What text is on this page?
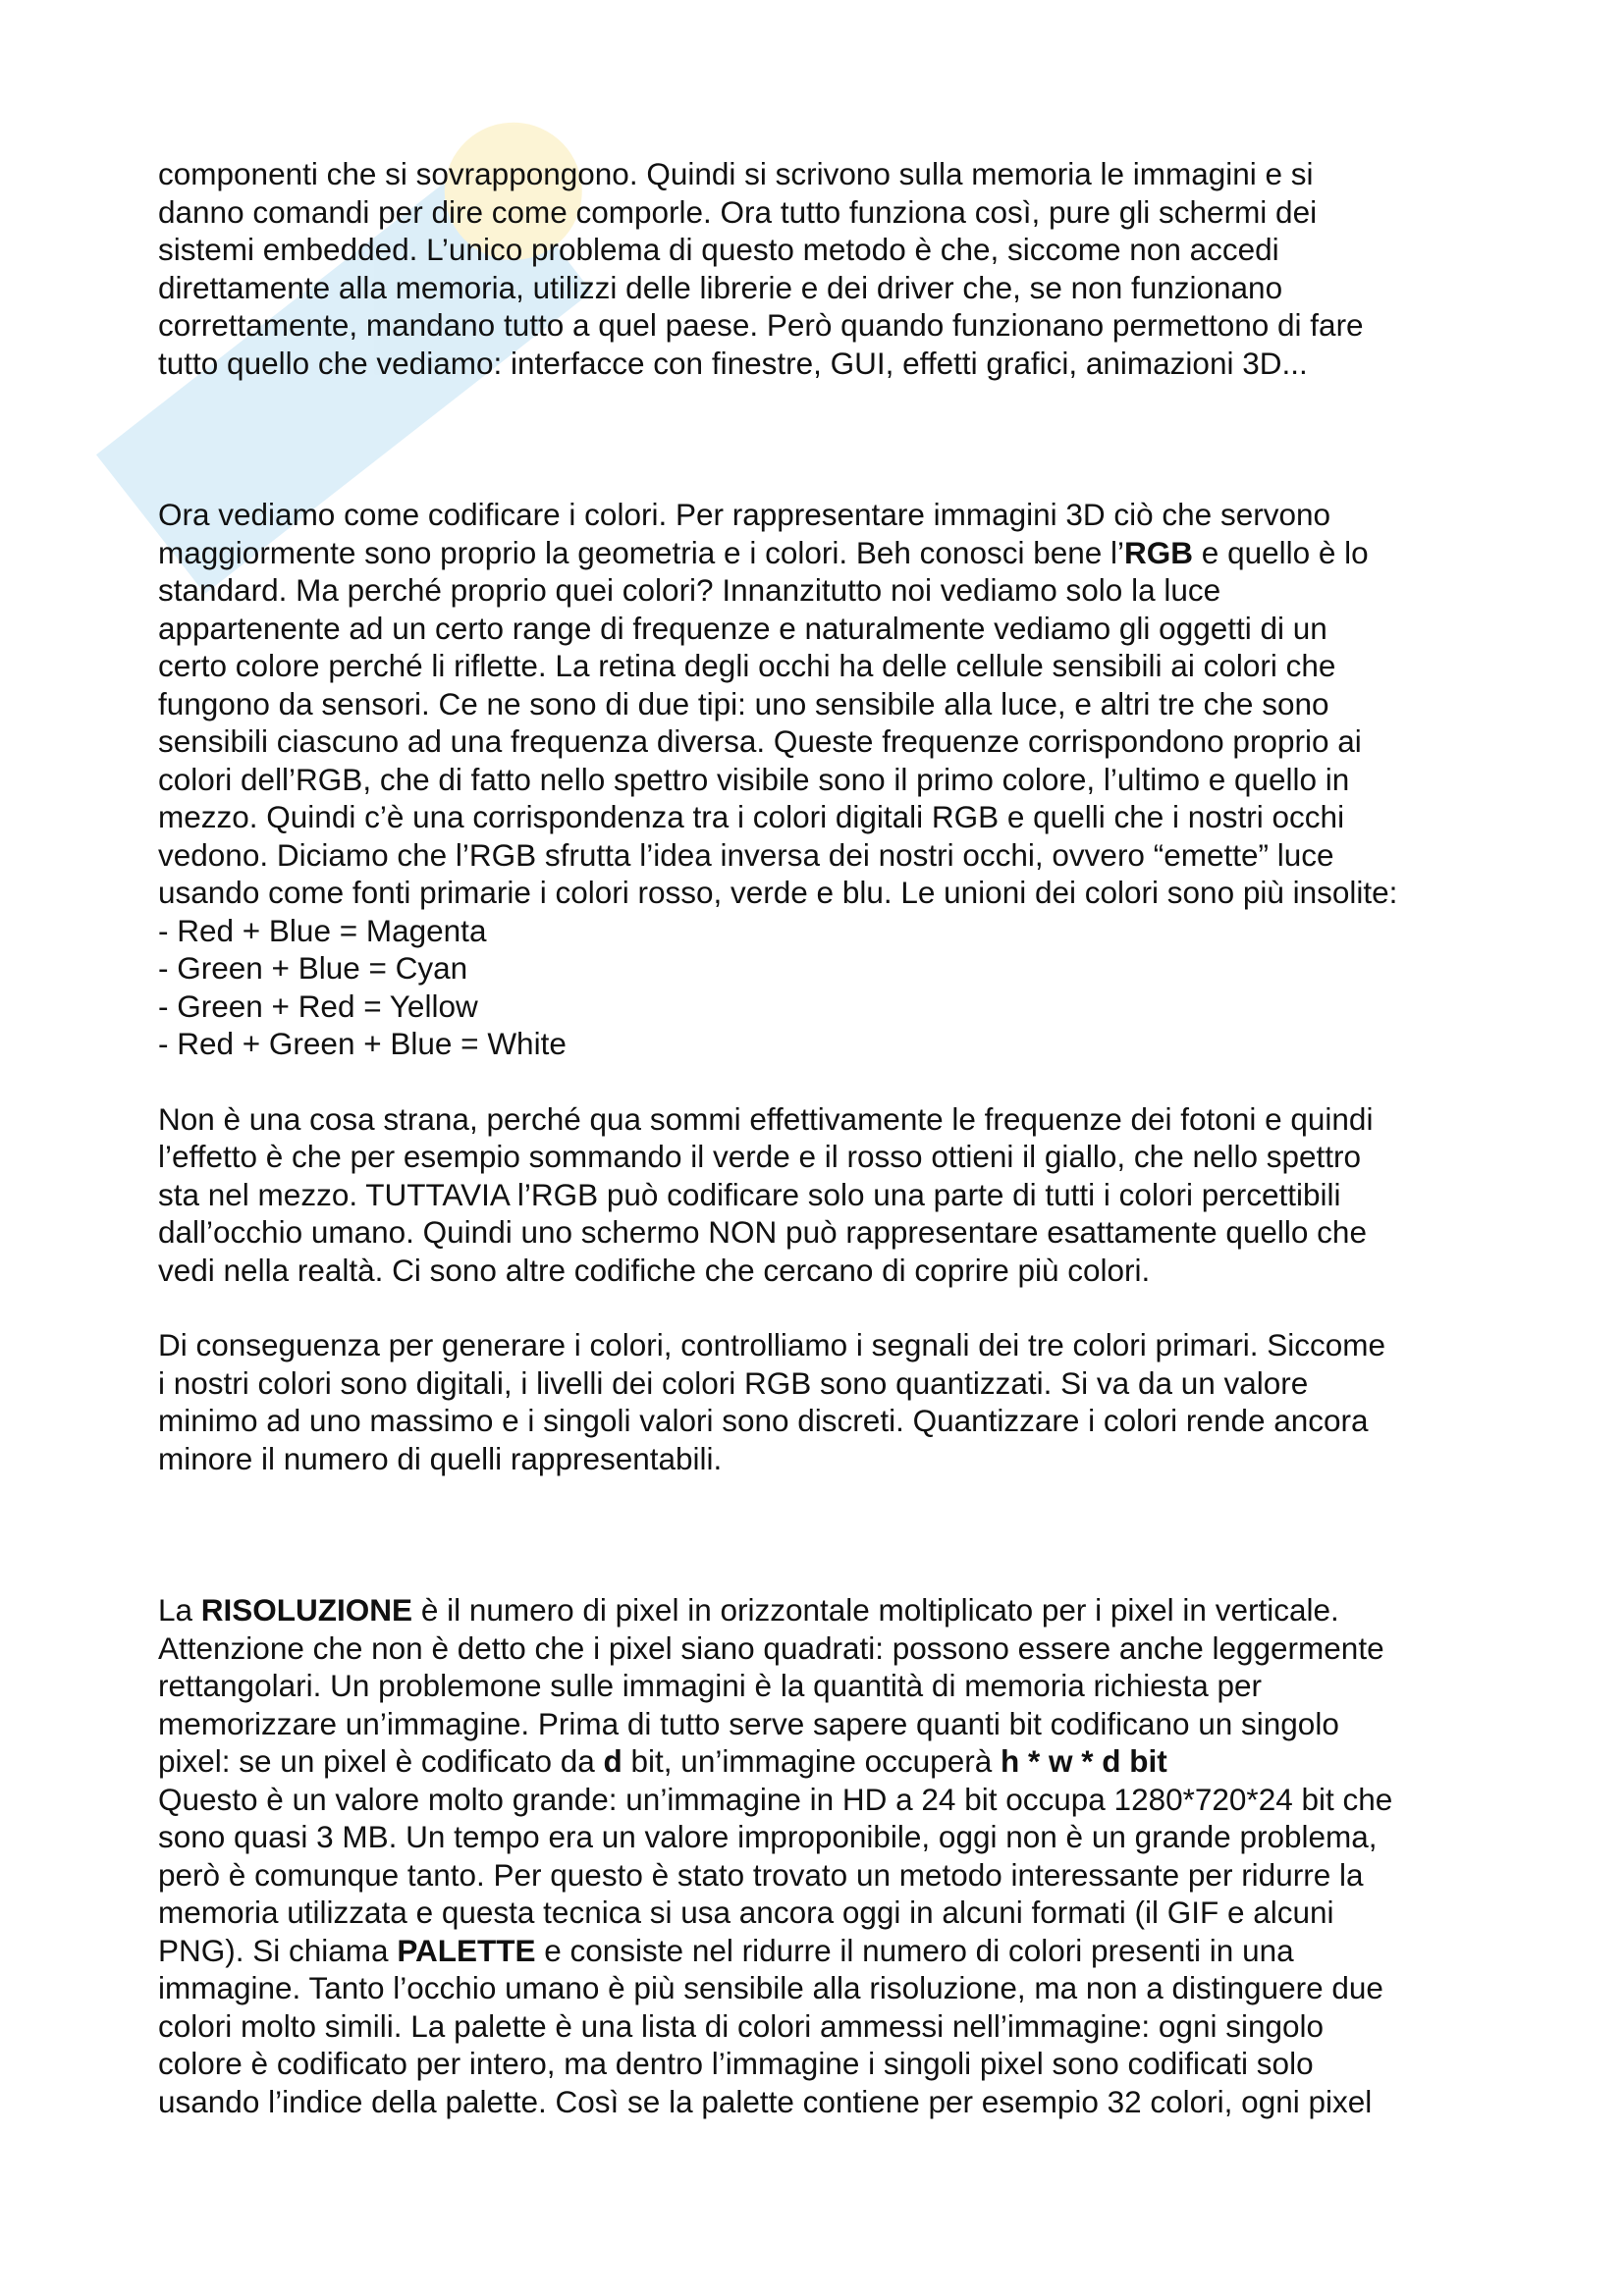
componenti che si sovrappongono. Quindi si scrivono sulla memoria le immagini e si
danno comandi per dire come comporle. Ora tutto funziona così, pure gli schermi dei
sistemi embedded. L’unico problema di questo metodo è che, siccome non accedi
direttamente alla memoria, utilizzi delle librerie e dei driver che, se non funzionano
correttamente, mandano tutto a quel paese. Però quando funzionano permettono di fare
tutto quello che vediamo: interfacce con finestre, GUI, effetti grafici, animazioni 3D...

Ora vediamo come codificare i colori. Per rappresentare immagini 3D ciò che servono
maggiormente sono proprio la geometria e i colori. Beh conosci bene l’RGB e quello è lo
standard. Ma perché proprio quei colori? Innanzitutto noi vediamo solo la luce
appartenente ad un certo range di frequenze e naturalmente vediamo gli oggetti di un
certo colore perché li riflette. La retina degli occhi ha delle cellule sensibili ai colori che
fungono da sensori. Ce ne sono di due tipi: uno sensibile alla luce, e altri tre che sono
sensibili ciascuno ad una frequenza diversa. Queste frequenze corrispondono proprio ai
colori dell’RGB, che di fatto nello spettro visibile sono il primo colore, l’ultimo e quello in
mezzo. Quindi c’è una corrispondenza tra i colori digitali RGB e quelli che i nostri occhi
vedono. Diciamo che l’RGB sfrutta l’idea inversa dei nostri occhi, ovvero “emette” luce
usando come fonti primarie i colori rosso, verde e blu. Le unioni dei colori sono più insolite:
- Red + Blue = Magenta
- Green + Blue = Cyan
- Green + Red = Yellow
- Red + Green + Blue = White

Non è una cosa strana, perché qua sommi effettivamente le frequenze dei fotoni e quindi
l’effetto è che per esempio sommando il verde e il rosso ottieni il giallo, che nello spettro
sta nel mezzo. TUTTAVIA l’RGB può codificare solo una parte di tutti i colori percettibili
dall’occhio umano. Quindi uno schermo NON può rappresentare esattamente quello che
vedi nella realtà. Ci sono altre codifiche che cercano di coprire più colori.

Di conseguenza per generare i colori, controlliamo i segnali dei tre colori primari. Siccome
i nostri colori sono digitali, i livelli dei colori RGB sono quantizzati. Si va da un valore
minimo ad uno massimo e i singoli valori sono discreti. Quantizzare i colori rende ancora
minore il numero di quelli rappresentabili.

La RISOLUZIONE è il numero di pixel in orizzontale moltiplicato per i pixel in verticale.
Attenzione che non è detto che i pixel siano quadrati: possono essere anche leggermente
rettangolari. Un problemone sulle immagini è la quantità di memoria richiesta per
memorizzare un’immagine. Prima di tutto serve sapere quanti bit codificano un singolo
pixel: se un pixel è codificato da d bit, un’immagine occuperà h * w * d bit
Questo è un valore molto grande: un’immagine in HD a 24 bit occupa 1280*720*24 bit che
sono quasi 3 MB. Un tempo era un valore improponibile, oggi non è un grande problema,
però è comunque tanto. Per questo è stato trovato un metodo interessante per ridurre la
memoria utilizzata e questa tecnica si usa ancora oggi in alcuni formati (il GIF e alcuni
PNG). Si chiama PALETTE e consiste nel ridurre il numero di colori presenti in una
immagine. Tanto l’occhio umano è più sensibile alla risoluzione, ma non a distinguere due
colori molto simili. La palette è una lista di colori ammessi nell’immagine: ogni singolo
colore è codificato per intero, ma dentro l’immagine i singoli pixel sono codificati solo
usando l’indice della palette. Così se la palette contiene per esempio 32 colori, ogni pixel
